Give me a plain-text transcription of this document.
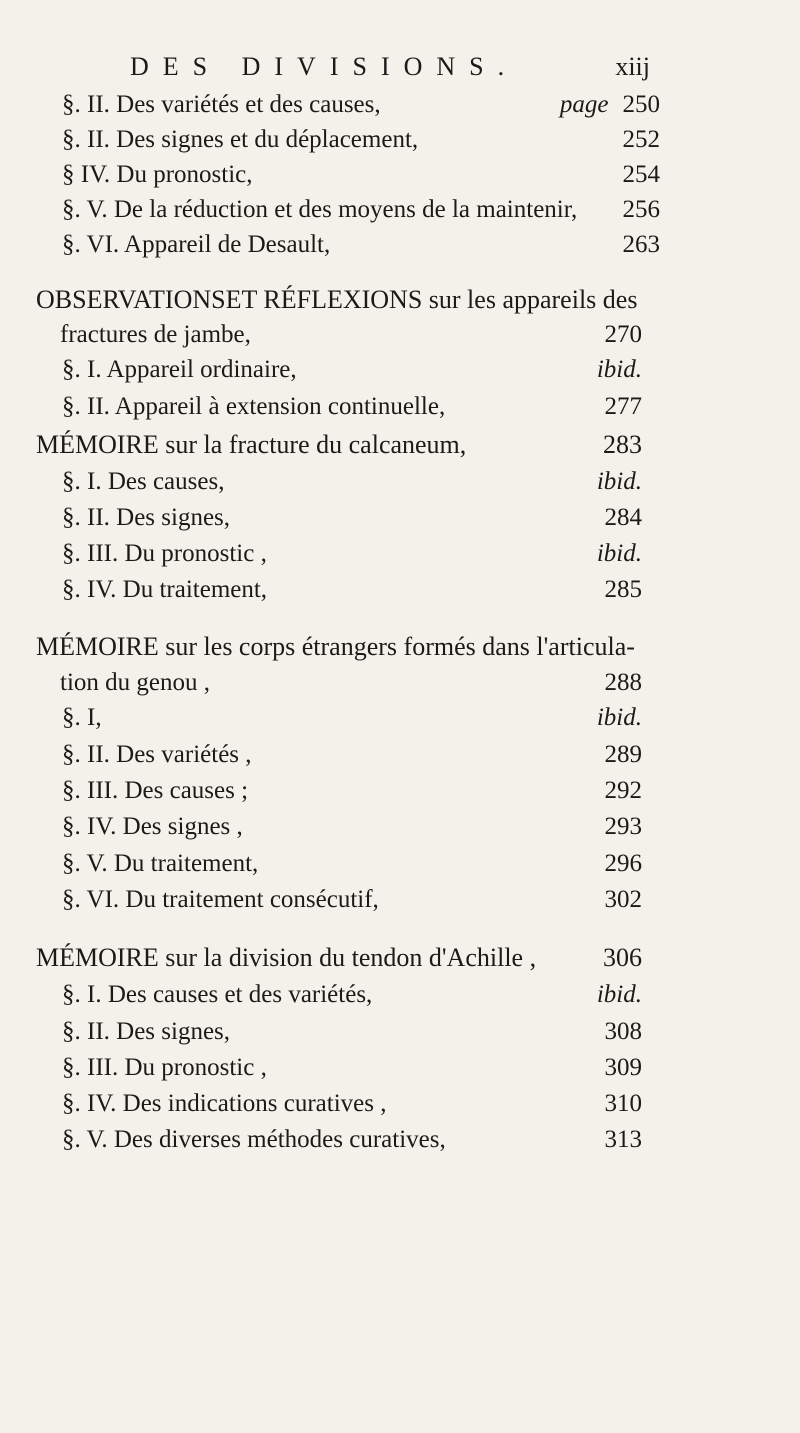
DES DIVISIONS.	xiij
§. II. Des variétés et des causes,	page 250
§. II. Des signes et du déplacement,	252
§ IV. Du pronostic,	254
§. V. De la réduction et des moyens de la maintenir, 256
§. VI. Appareil de Desault,	263
OBSERVATIONSET RÉFLEXIONS sur les appareils des
fractures de jambe,	270
§. I. Appareil ordinaire,	ibid.
§. II. Appareil à extension continuelle,	277
MÉMOIRE sur la fracture du calcaneum,	283
§. I. Des causes,	ibid.
§. II. Des signes,	284
§. III. Du pronostic ,	ibid.
§. IV. Du traitement,	285
MÉMOIRE sur les corps étrangers formés dans l'articula-
tion du genou ,	288
§. I,	ibid.
§. II. Des variétés ,	289
§. III. Des causes ;	292
§. IV. Des signes ,	293
§. V. Du traitement,	296
§. VI. Du traitement consécutif,	302
MÉMOIRE sur la division du tendon d'Achille ,	306
§. I. Des causes et des variétés,	ibid.
§. II. Des signes,	308
§. III. Du pronostic ,	309
§. IV. Des indications curatives ,	310
§. V. Des diverses méthodes curatives,	313
